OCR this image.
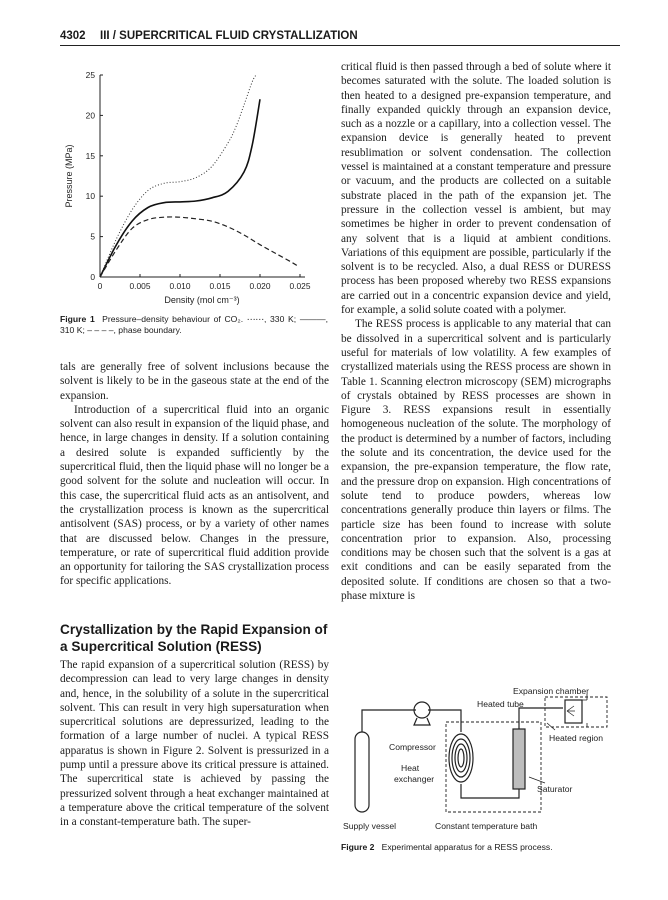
4302 III / SUPERCRITICAL FLUID CRYSTALLIZATION
0	0.005 0.010 0.015 0.020 0.025
0
5
10
15
20
25
Density (mol cm⁻³)
Pressure (MPa)
Figure 1 Pressure–density behaviour of CO₂. ⋯⋯, 330 K; ———, 310 K; – – – –, phase boundary.

tals are generally free of solvent inclusions because the solvent is likely to be in the gaseous state at the end of the expansion.

Introduction of a supercritical fluid into an organic solvent can also result in expansion of the liquid phase, and hence, in large changes in density. If a solution containing a desired solute is expanded sufficiently by the supercritical fluid, then the liquid phase will no longer be a good solvent for the solute and nucleation will occur. In this case, the supercritical fluid acts as an antisolvent, and the crystallization process is known as the supercritical antisolvent (SAS) process, or by a variety of other names that are discussed below. Changes in the pressure, temperature, or rate of supercritical fluid addition provide an opportunity for tailoring the SAS crystallization process for specific applications.

Crystallization by the Rapid Expansion of a Supercritical Solution (RESS)

The rapid expansion of a supercritical solution (RESS) by decompression can lead to very large changes in density and, hence, in the solubility of a solute in the supercritical solvent. This can result in very high supersaturation when supercritical solutions are depressurized, leading to the formation of a large number of nuclei. A typical RESS apparatus is shown in Figure 2. Solvent is pressurized in a pump until a pressure above its critical pressure is attained. The supercritical state is achieved by passing the pressurized solvent through a heat exchanger maintained at a temperature above the critical temperature of the solvent in a constant-temperature bath. The super-

critical fluid is then passed through a bed of solute where it becomes saturated with the solute. The loaded solution is then heated to a designed pre-expansion temperature, and finally expanded quickly through an expansion device, such as a nozzle or a capillary, into a collection vessel. The expansion device is generally heated to prevent resublimation or solvent condensation. The collection vessel is maintained at a constant temperature and pressure or vacuum, and the products are collected on a suitable substrate placed in the path of the expansion jet. The pressure in the collection vessel is ambient, but may sometimes be higher in order to prevent condensation of any solvent that is a liquid at ambient conditions. Variations of this equipment are possible, particularly if the solvent is to be recycled. Also, a dual RESS or DURESS process has been proposed whereby two RESS expansions are carried out in a concentric expansion device and yield, for example, a solid solute coated with a polymer.

The RESS process is applicable to any material that can be dissolved in a supercritical solvent and is particularly useful for materials of low volatility. A few examples of crystallized materials using the RESS process are shown in Table 1. Scanning electron microscopy (SEM) micrographs of crystals obtained by RESS processes are shown in Figure 3. RESS expansions result in essentially homogeneous nucleation of the solute. The morphology of the product is determined by a number of factors, including the solute and its concentration, the device used for the expansion, the pre-expansion temperature, the flow rate, and the pressure drop on expansion. High concentrations of solute tend to produce powders, whereas low concentrations generally produce thin layers or films. The particle size has been found to increase with solute concentration prior to expansion. Also, processing conditions may be chosen such that the solvent is a gas at exit conditions and can be easily separated from the deposited solute. If conditions are chosen so that a two-phase mixture is

Expansion chamber
Heated tube
Heated region
Compressor
Heat
exchanger
Saturator
Supply vessel	Constant temperature bath
Figure 2 Experimental apparatus for a RESS process.
